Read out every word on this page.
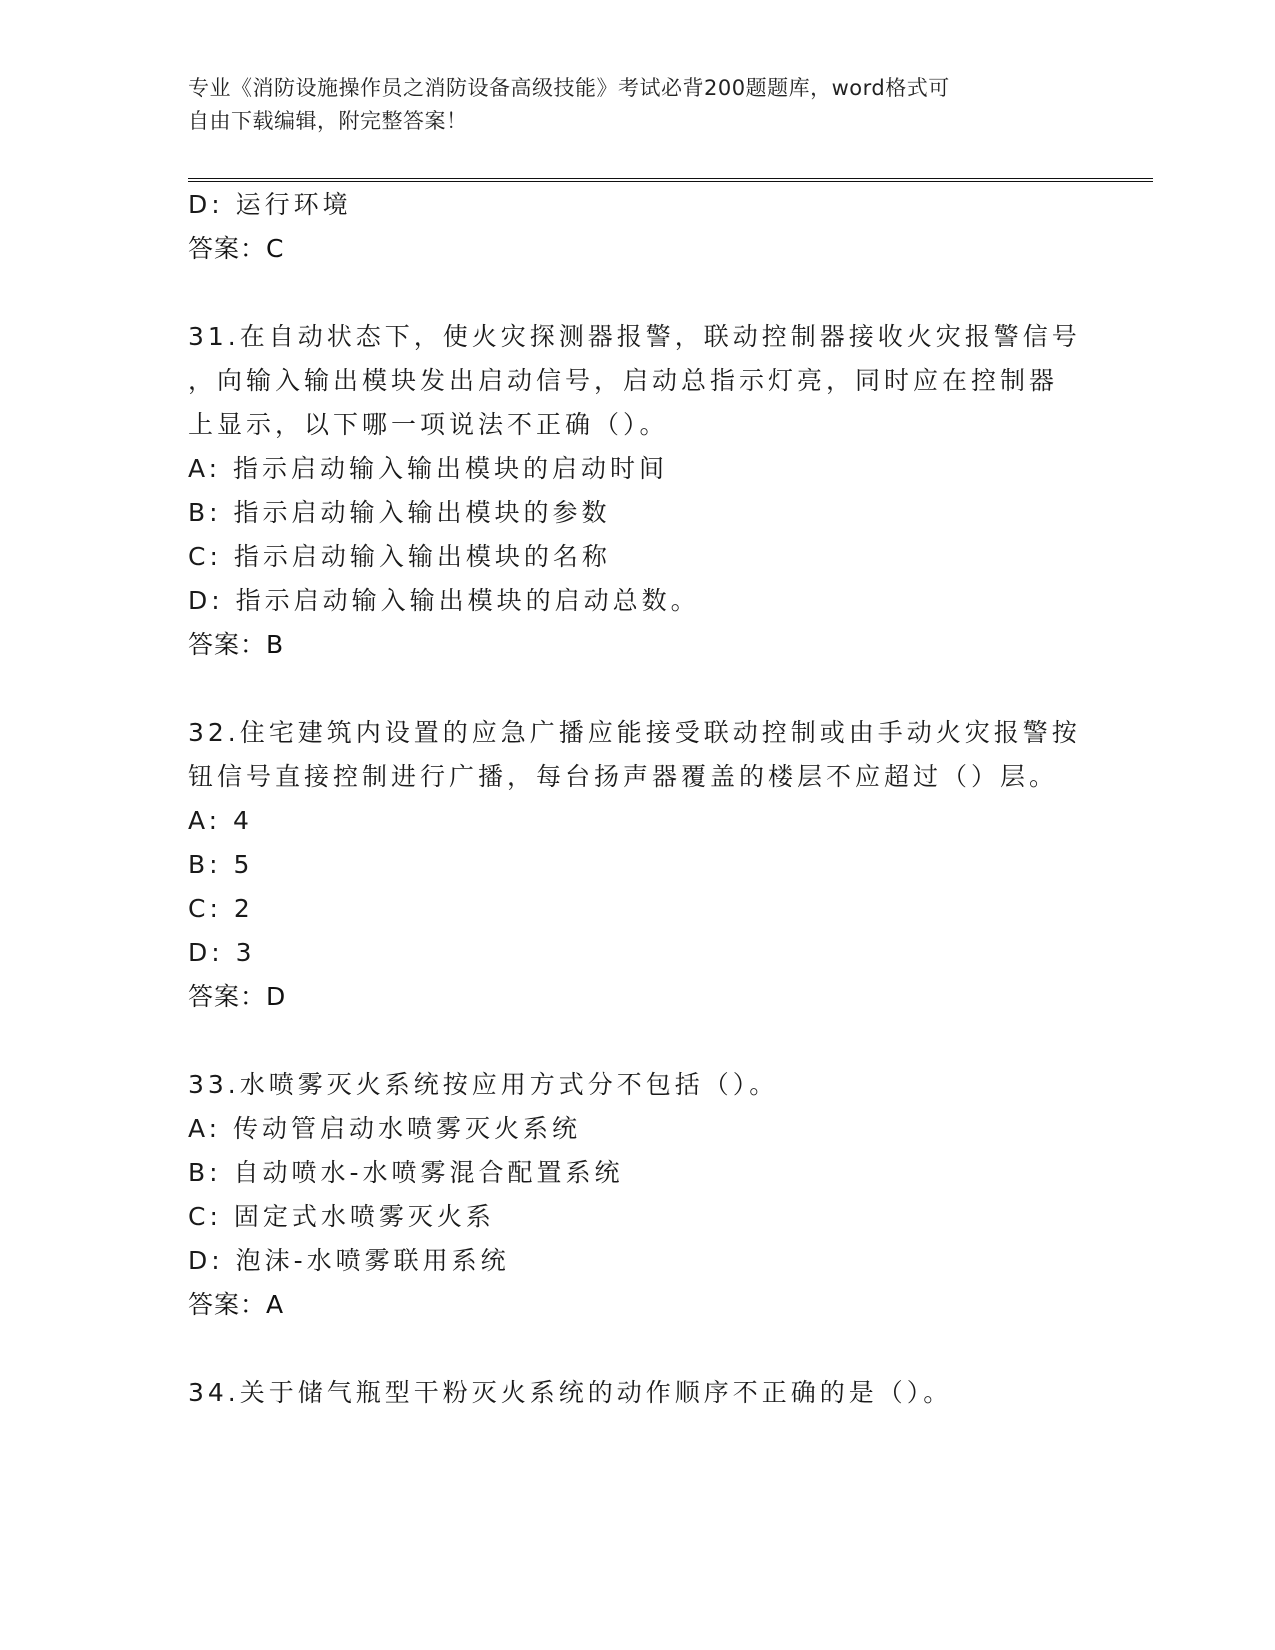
专业《消防设施操作员之消防设备高级技能》考试必背200题题库，word格式可
自由下载编辑，附完整答案！
D: 运行环境
答案：C
31.在自动状态下，使火灾探测器报警，联动控制器接收火灾报警信号
，向输入输出模块发出启动信号，启动总指示灯亮，同时应在控制器
上显示，以下哪一项说法不正确（）。
A: 指示启动输入输出模块的启动时间
B: 指示启动输入输出模块的参数
C: 指示启动输入输出模块的名称
D: 指示启动输入输出模块的启动总数。
答案：B
32.住宅建筑内设置的应急广播应能接受联动控制或由手动火灾报警按
钮信号直接控制进行广播，每台扬声器覆盖的楼层不应超过（）层。
A: 4
B: 5
C: 2
D: 3
答案：D
33.水喷雾灭火系统按应用方式分不包括（）。
A: 传动管启动水喷雾灭火系统
B: 自动喷水-水喷雾混合配置系统
C: 固定式水喷雾灭火系
D: 泡沫-水喷雾联用系统
答案：A
34.关于储气瓶型干粉灭火系统的动作顺序不正确的是（）。
